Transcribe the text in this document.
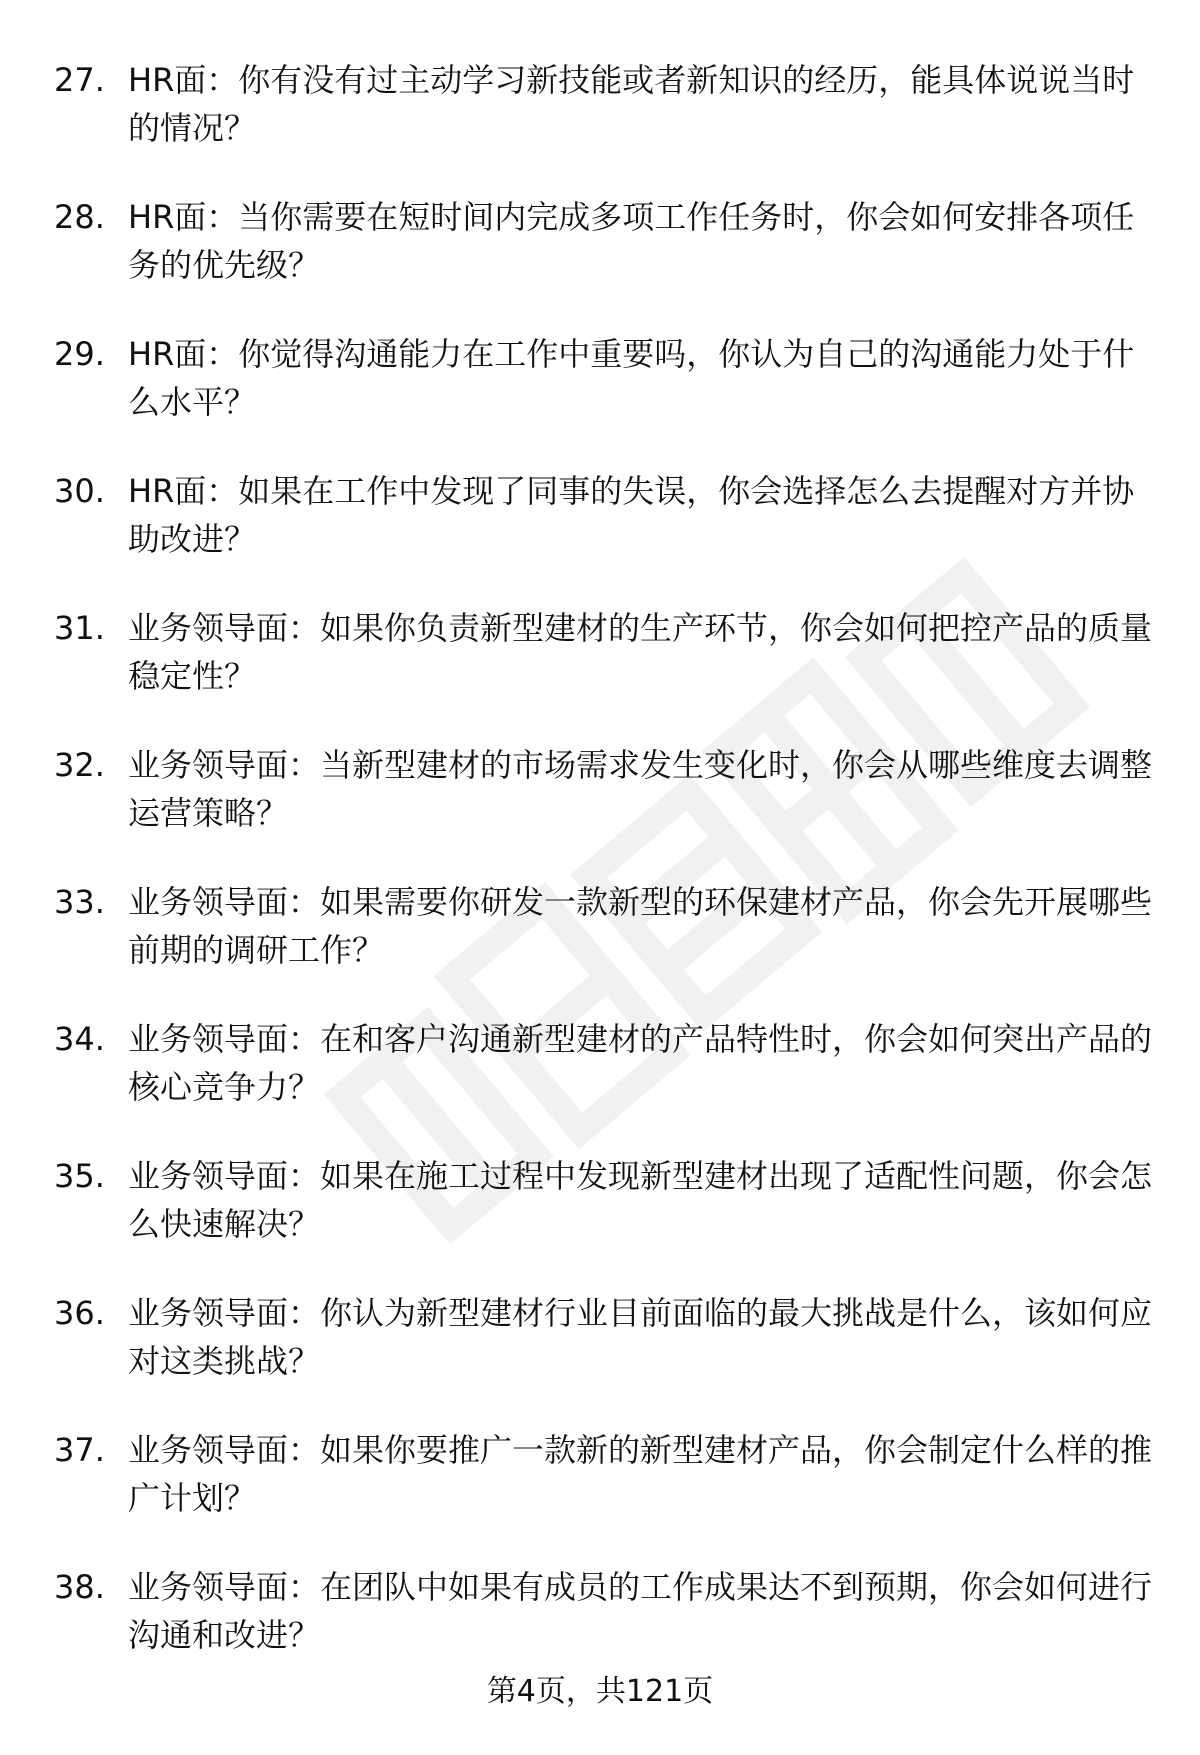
27. HR面：你有没有过主动学习新技能或者新知识的经历，能具体说说当时的情况？
28. HR面：当你需要在短时间内完成多项工作任务时，你会如何安排各项任务的优先级？
29. HR面：你觉得沟通能力在工作中重要吗，你认为自己的沟通能力处于什么水平？
30. HR面：如果在工作中发现了同事的失误，你会选择怎么去提醒对方并协助改进？
31. 业务领导面：如果你负责新型建材的生产环节，你会如何把控产品的质量稳定性？
32. 业务领导面：当新型建材的市场需求发生变化时，你会从哪些维度去调整运营策略？
33. 业务领导面：如果需要你研发一款新型的环保建材产品，你会先开展哪些前期的调研工作？
34. 业务领导面：在和客户沟通新型建材的产品特性时，你会如何突出产品的核心竞争力？
35. 业务领导面：如果在施工过程中发现新型建材出现了适配性问题，你会怎么快速解决？
36. 业务领导面：你认为新型建材行业目前面临的最大挑战是什么，该如何应对这类挑战？
37. 业务领导面：如果你要推广一款新的新型建材产品，你会制定什么样的推广计划？
38. 业务领导面：在团队中如果有成员的工作成果达不到预期，你会如何进行沟通和改进？
第4页，共121页
